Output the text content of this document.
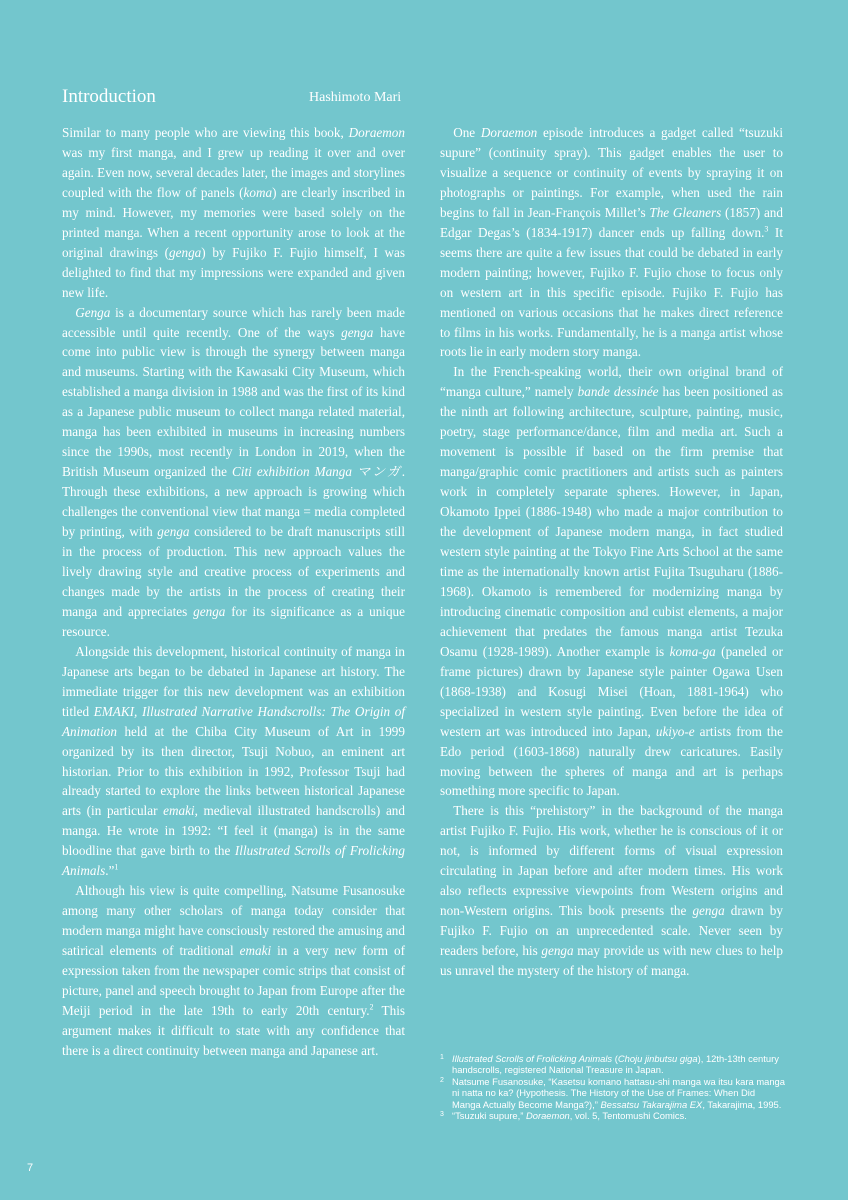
Introduction	Hashimoto Mari

Similar to many people who are viewing this book, Doraemon was my first manga, and I grew up reading it over and over again. Even now, several decades later, the images and storylines coupled with the flow of panels (koma) are clearly inscribed in my mind. However, my memories were based solely on the printed manga. When a recent opportunity arose to look at the original drawings (genga) by Fujiko F. Fujio himself, I was delighted to find that my impressions were expanded and given new life.

Genga is a documentary source which has rarely been made accessible until quite recently. One of the ways genga have come into public view is through the synergy between manga and museums. Starting with the Kawasaki City Museum, which established a manga division in 1988 and was the first of its kind as a Japanese public museum to collect manga related material, manga has been exhibited in museums in increasing numbers since the 1990s, most recently in London in 2019, when the British Museum organized the Citi exhibition Manga マンガ. Through these exhibitions, a new approach is growing which challenges the conventional view that manga = media completed by printing, with genga considered to be draft manuscripts still in the process of production. This new approach values the lively drawing style and creative process of experiments and changes made by the artists in the process of creating their manga and appreciates genga for its significance as a unique resource.

Alongside this development, historical continuity of manga in Japanese arts began to be debated in Japanese art history. The immediate trigger for this new development was an exhibition titled EMAKI, Illustrated Narrative Handscrolls: The Origin of Animation held at the Chiba City Museum of Art in 1999 organized by its then director, Tsuji Nobuo, an eminent art historian. Prior to this exhibition in 1992, Professor Tsuji had already started to explore the links between historical Japanese arts (in particular emaki, medieval illustrated handscrolls) and manga. He wrote in 1992: “I feel it (manga) is in the same bloodline that gave birth to the Illustrated Scrolls of Frolicking Animals.”$^1$

Although his view is quite compelling, Natsume Fusanosuke among many other scholars of manga today consider that modern manga might have consciously restored the amusing and satirical elements of traditional emaki in a very new form of expression taken from the newspaper comic strips that consist of picture, panel and speech brought to Japan from Europe after the Meiji period in the late 19th to early 20th century.$^2$ This argument makes it difficult to state with any confidence that there is a direct continuity between manga and Japanese art.

One Doraemon episode introduces a gadget called “tsuzuki supure” (continuity spray). This gadget enables the user to visualize a sequence or continuity of events by spraying it on photographs or paintings. For example, when used the rain begins to fall in Jean-François Millet’s The Gleaners (1857) and Edgar Degas’s (1834-1917) dancer ends up falling down.$^3$ It seems there are quite a few issues that could be debated in early modern painting; however, Fujiko F. Fujio chose to focus only on western art in this specific episode. Fujiko F. Fujio has mentioned on various occasions that he makes direct reference to films in his works. Fundamentally, he is a manga artist whose roots lie in early modern story manga.

In the French-speaking world, their own original brand of “manga culture,” namely bande dessinée has been positioned as the ninth art following architecture, sculpture, painting, music, poetry, stage performance/dance, film and media art. Such a movement is possible if based on the firm premise that manga/graphic comic practitioners and artists such as painters work in completely separate spheres. However, in Japan, Okamoto Ippei (1886-1948) who made a major contribution to the development of Japanese modern manga, in fact studied western style painting at the Tokyo Fine Arts School at the same time as the internationally known artist Fujita Tsuguharu (1886-1968). Okamoto is remembered for modernizing manga by introducing cinematic composition and cubist elements, a major achievement that predates the famous manga artist Tezuka Osamu (1928-1989). Another example is koma-ga (paneled or frame pictures) drawn by Japanese style painter Ogawa Usen (1868-1938) and Kosugi Misei (Hoan, 1881-1964) who specialized in western style painting. Even before the idea of western art was introduced into Japan, ukiyo-e artists from the Edo period (1603-1868) naturally drew caricatures. Easily moving between the spheres of manga and art is perhaps something more specific to Japan.

There is this “prehistory” in the background of the manga artist Fujiko F. Fujio. His work, whether he is conscious of it or not, is informed by different forms of visual expression circulating in Japan before and after modern times. His work also reflects expressive viewpoints from Western origins and non-Western origins. This book presents the genga drawn by Fujiko F. Fujio on an unprecedented scale. Never seen by readers before, his genga may provide us with new clues to help us unravel the mystery of the history of manga.

1 Illustrated Scrolls of Frolicking Animals (Choju jinbutsu giga), 12th-13th century handscrolls, registered National Treasure in Japan.
2 Natsume Fusanosuke, “Kasetsu komano hattasu-shi manga wa itsu kara manga ni natta no ka? (Hypothesis. The History of the Use of Frames: When Did Manga Actually Become Manga?),” Bessatsu Takarajima EX, Takarajima, 1995.
3 “Tsuzuki supure,” Doraemon, vol. 5, Tentomushi Comics.
7
